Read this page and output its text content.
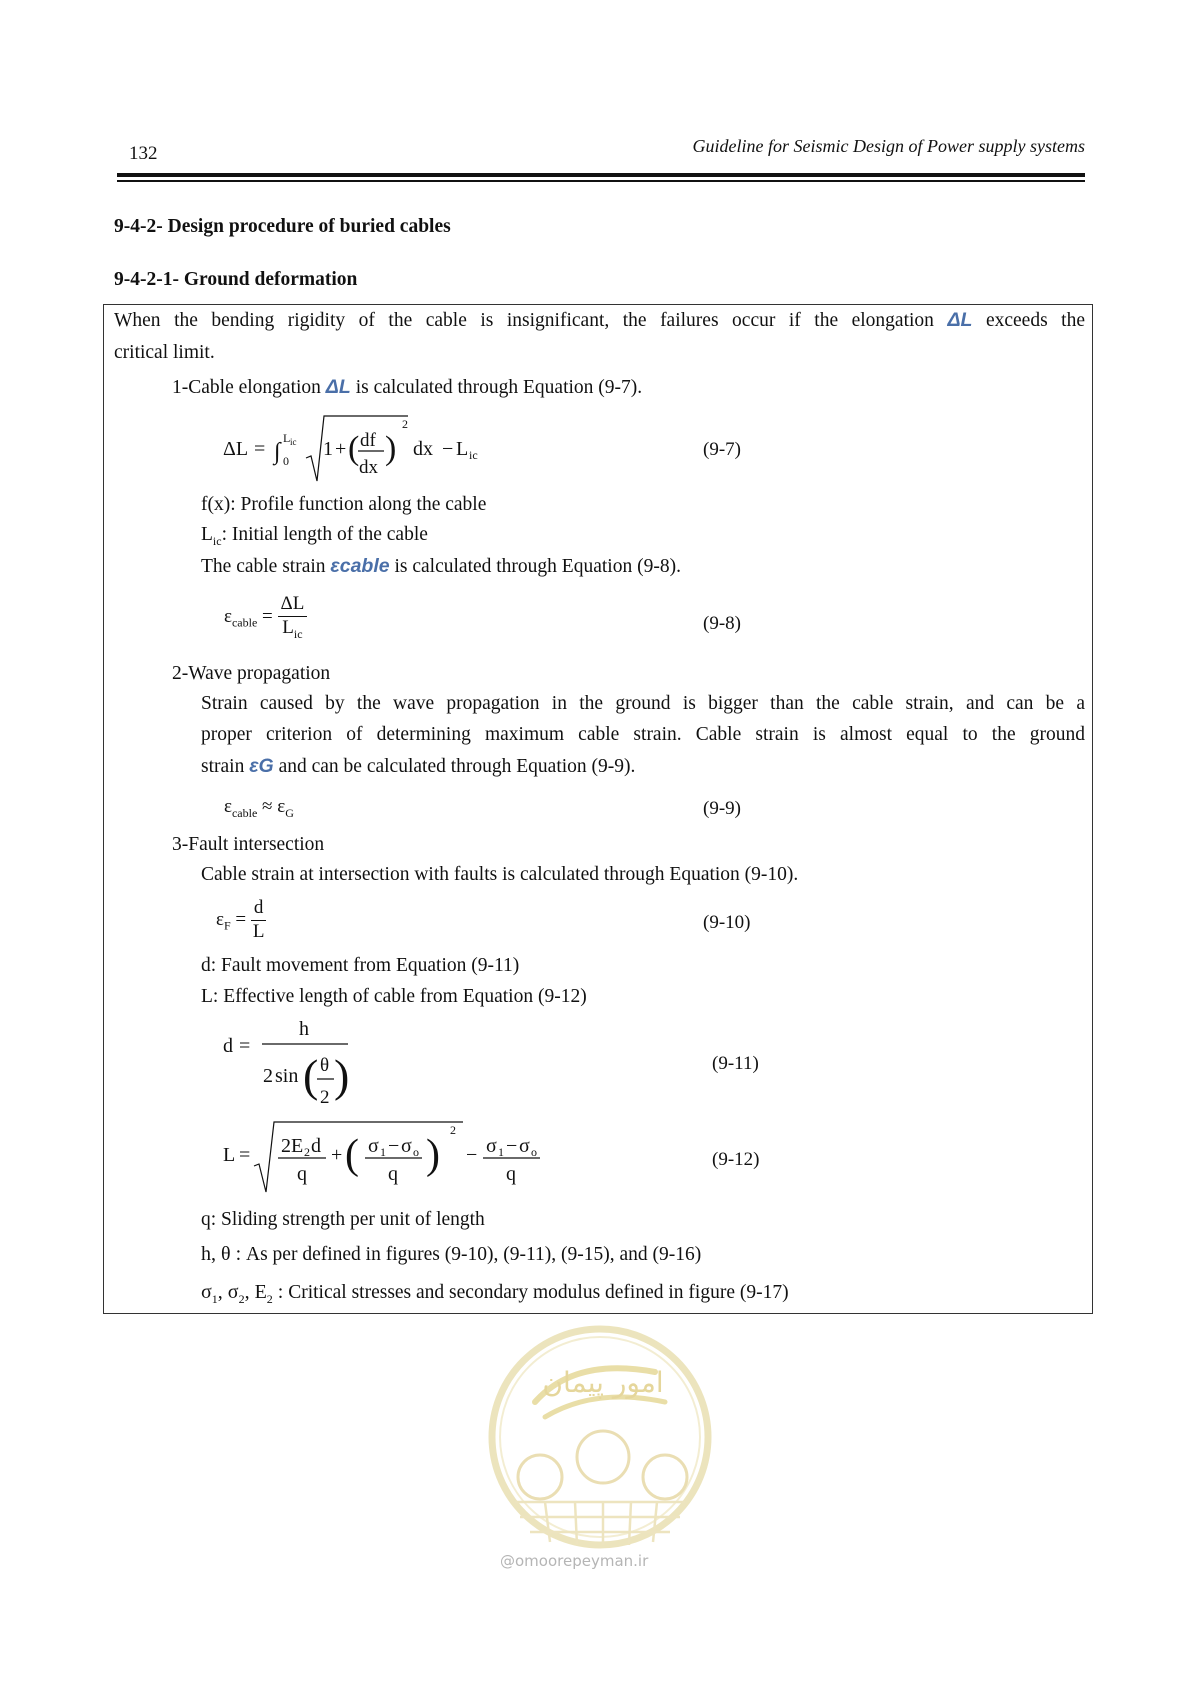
132	Guideline for Seismic Design of Power supply systems
9-4-2- Design procedure of buried cables
9-4-2-1- Ground deformation
When the bending rigidity of the cable is insignificant, the failures occur if the elongation ΔL exceeds the
critical limit.
1-Cable elongation ΔL is calculated through Equation (9-7).
ΔL = ∫
L ic
0
1 + ( df
dx
)
2
dx − L ic	(9-7)
f(x): Profile function along the cable
$L_{ic}$: Initial length of the cable
The cable strain εcable is calculated through Equation (9-8).
$\varepsilon_{cable} = \frac{\Delta L}{L_{ic}}$	(9-8)
2-Wave propagation
Strain caused by the wave propagation in the ground is bigger than the cable strain, and can be a
proper criterion of determining maximum cable strain. Cable strain is almost equal to the ground
strain εG and can be calculated through Equation (9-9).
$\varepsilon_{cable} \approx \varepsilon_G$	(9-9)
3-Fault intersection
Cable strain at intersection with faults is calculated through Equation (9-10).
$\varepsilon_F = \frac{d}{L}$	(9-10)
d: Fault movement from Equation (9-11)
L: Effective length of cable from Equation (9-12)
d =
h
2 sin ( θ
2 )	(9-11)
L = 2E 2 d
q
+ ( σ 1 − σ o
q )
2
− σ 1 − σ o
q
(9-12)
q: Sliding strength per unit of length
h, θ : As per defined in figures (9-10), (9-11), (9-15), and (9-16)
$\sigma_1$, $\sigma_2$, $E_2$ : Critical stresses and secondary modulus defined in figure (9-17)
امور پیمان
@omoorepeyman.ir
